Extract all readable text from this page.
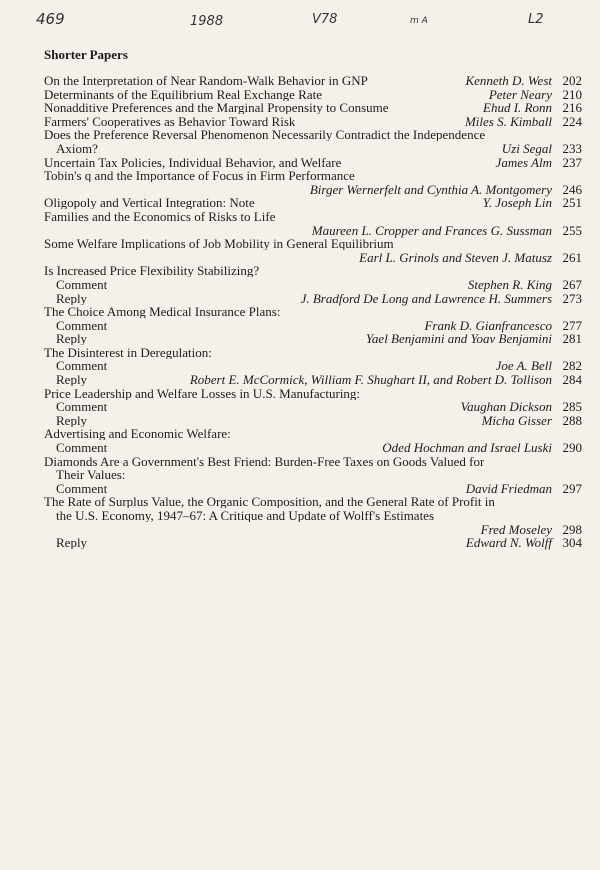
469	1988	V78	m A	L2
Shorter Papers
On the Interpretation of Near Random-Walk Behavior in GNP	Kenneth D. West 202
Determinants of the Equilibrium Real Exchange Rate	Peter Neary 210
Nonadditive Preferences and the Marginal Propensity to Consume	Ehud I. Ronn 216
Farmers' Cooperatives as Behavior Toward Risk	Miles S. Kimball 224
Does the Preference Reversal Phenomenon Necessarily Contradict the Independence
Axiom?	Uzi Segal 233
Uncertain Tax Policies, Individual Behavior, and Welfare	James Alm 237
Tobin's q and the Importance of Focus in Firm Performance
Birger Wernerfelt and Cynthia A. Montgomery 246
Oligopoly and Vertical Integration: Note	Y. Joseph Lin 251
Families and the Economics of Risks to Life
Maureen L. Cropper and Frances G. Sussman 255
Some Welfare Implications of Job Mobility in General Equilibrium
Earl L. Grinols and Steven J. Matusz 261
Is Increased Price Flexibility Stabilizing?
Comment	Stephen R. King 267
Reply	J. Bradford De Long and Lawrence H. Summers 273
The Choice Among Medical Insurance Plans:
Comment	Frank D. Gianfrancesco 277
Reply	Yael Benjamini and Yoav Benjamini 281
The Disinterest in Deregulation:
Comment	Joe A. Bell 282
Reply	Robert E. McCormick, William F. Shughart II, and Robert D. Tollison 284
Price Leadership and Welfare Losses in U.S. Manufacturing:
Comment	Vaughan Dickson 285
Reply	Micha Gisser 288
Advertising and Economic Welfare:
Comment	Oded Hochman and Israel Luski 290
Diamonds Are a Government's Best Friend: Burden-Free Taxes on Goods Valued for
Their Values:
Comment	David Friedman 297
The Rate of Surplus Value, the Organic Composition, and the General Rate of Profit in
the U.S. Economy, 1947–67: A Critique and Update of Wolff's Estimates
Fred Moseley 298
Reply	Edward N. Wolff 304
